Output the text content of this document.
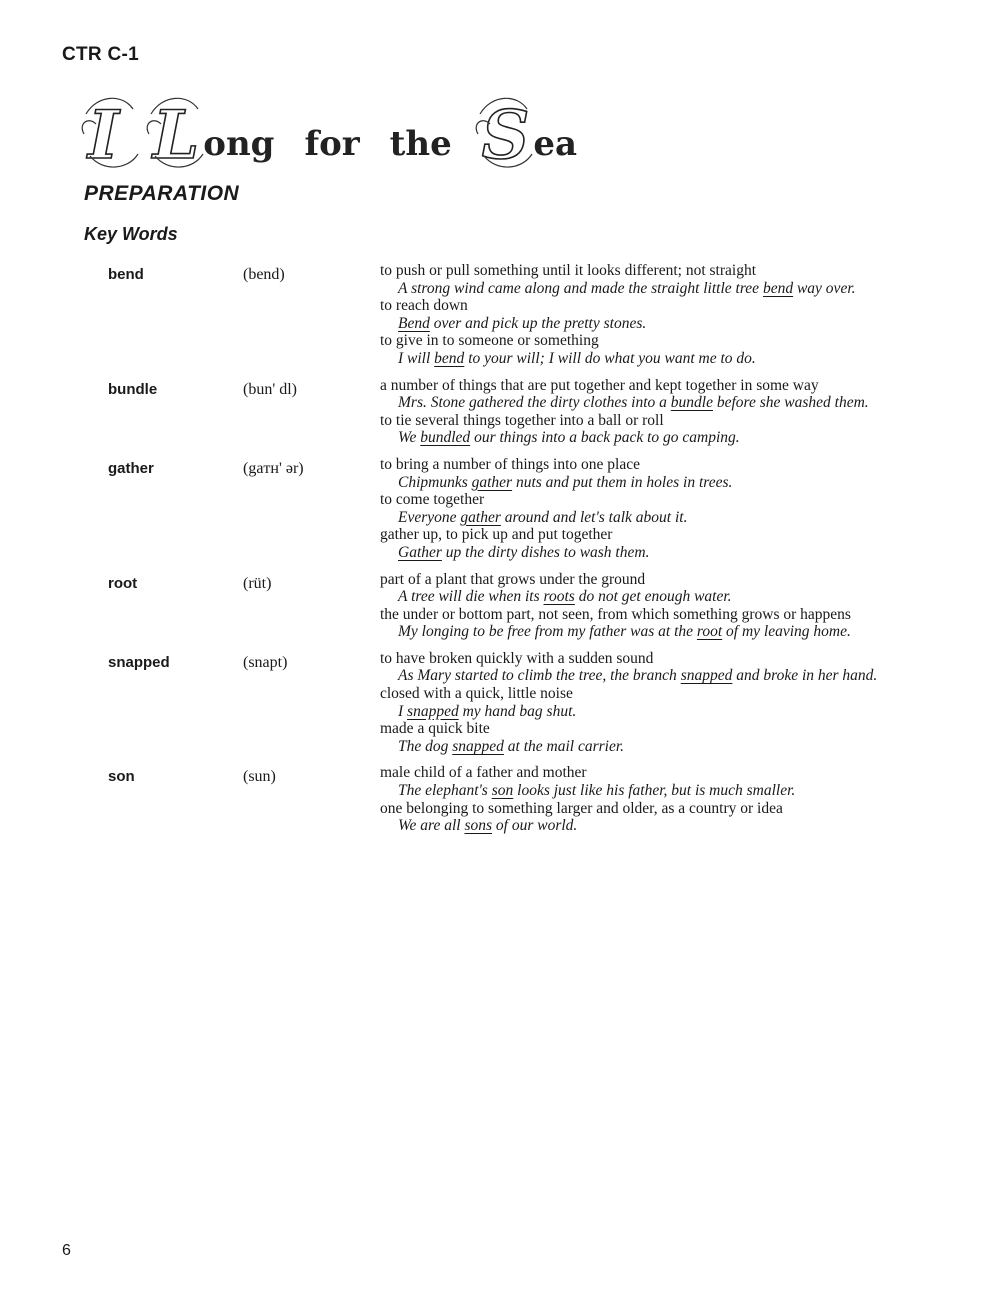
CTR C-1
I L ong for the S ea
PREPARATION
Key Words
bend	(bend)	to push or pull something until it looks different; not straight
A strong wind came along and made the straight little tree bend way over.
to reach down
Bend over and pick up the pretty stones.
to give in to someone or something
I will bend to your will; I will do what you want me to do.
bundle	(bun' dl)	a number of things that are put together and kept together in some way
Mrs. Stone gathered the dirty clothes into a bundle before she washed them.
to tie several things together into a ball or roll
We bundled our things into a back pack to go camping.
gather	(gaᴛʜ' ər)	to bring a number of things into one place
Chipmunks gather nuts and put them in holes in trees.
to come together
Everyone gather around and let's talk about it.
gather up, to pick up and put together
Gather up the dirty dishes to wash them.
root	(rüt)	part of a plant that grows under the ground
A tree will die when its roots do not get enough water.
the under or bottom part, not seen, from which something grows or happens
My longing to be free from my father was at the root of my leaving home.
snapped	(snapt)	to have broken quickly with a sudden sound
As Mary started to climb the tree, the branch snapped and broke in her hand.
closed with a quick, little noise
I snapped my hand bag shut.
made a quick bite
The dog snapped at the mail carrier.
son	(sun)	male child of a father and mother
The elephant's son looks just like his father, but is much smaller.
one belonging to something larger and older, as a country or idea
We are all sons of our world.
6
